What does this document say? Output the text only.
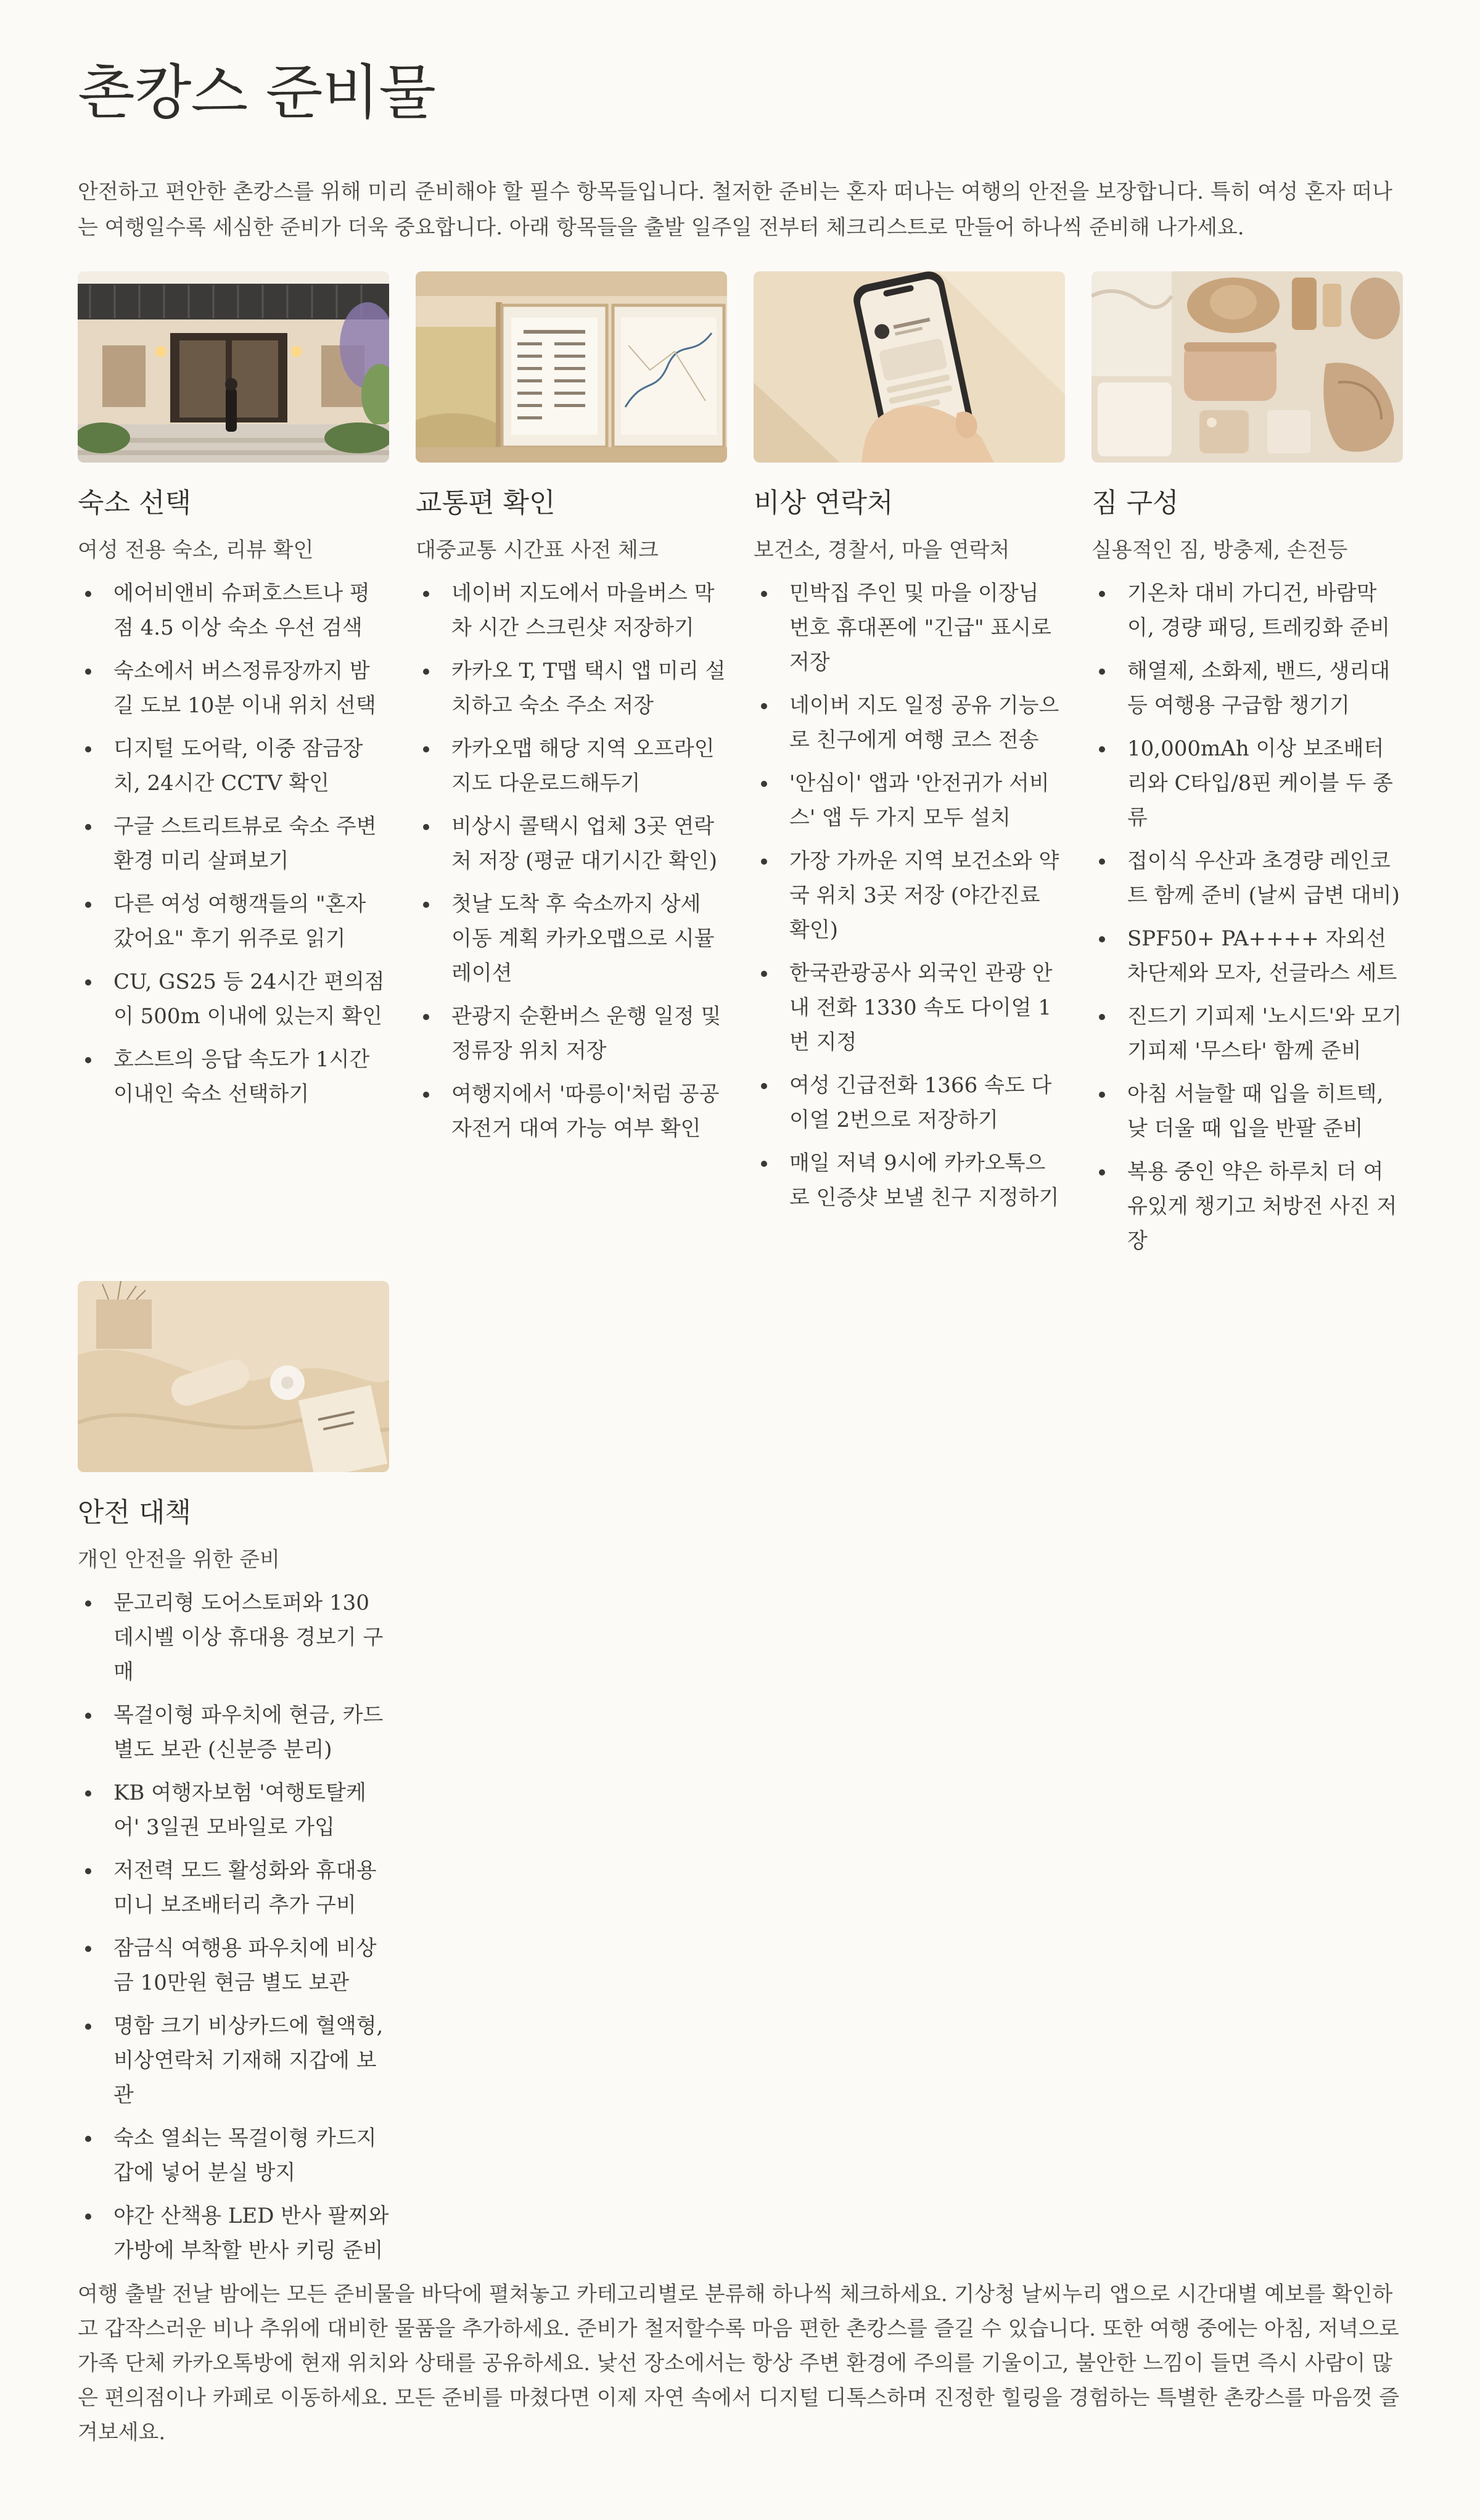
촌캉스 준비물

안전하고 편안한 촌캉스를 위해 미리 준비해야 할 필수 항목들입니다. 철저한 준비는 혼자 떠나는 여행의 안전을 보장합니다. 특히 여성 혼자 떠나는 여행일수록 세심한 준비가 더욱 중요합니다. 아래 항목들을 출발 일주일 전부터 체크리스트로 만들어 하나씩 준비해 나가세요.

숙소 선택

여성 전용 숙소, 리뷰 확인

에어비앤비 슈퍼호스트나 평점 4.5 이상 숙소 우선 검색
숙소에서 버스정류장까지 밤길 도보 10분 이내 위치 선택
디지털 도어락, 이중 잠금장치, 24시간 CCTV 확인
구글 스트리트뷰로 숙소 주변 환경 미리 살펴보기
다른 여성 여행객들의 "혼자 갔어요" 후기 위주로 읽기
CU, GS25 등 24시간 편의점이 500m 이내에 있는지 확인
호스트의 응답 속도가 1시간 이내인 숙소 선택하기
교통편 확인

대중교통 시간표 사전 체크

네이버 지도에서 마을버스 막차 시간 스크린샷 저장하기
카카오 T, T맵 택시 앱 미리 설치하고 숙소 주소 저장
카카오맵 해당 지역 오프라인 지도 다운로드해두기
비상시 콜택시 업체 3곳 연락처 저장 (평균 대기시간 확인)
첫날 도착 후 숙소까지 상세 이동 계획 카카오맵으로 시뮬레이션
관광지 순환버스 운행 일정 및 정류장 위치 저장
여행지에서 '따릉이'처럼 공공자전거 대여 가능 여부 확인
비상 연락처

보건소, 경찰서, 마을 연락처

민박집 주인 및 마을 이장님 번호 휴대폰에 "긴급" 표시로 저장
네이버 지도 일정 공유 기능으로 친구에게 여행 코스 전송
'안심이' 앱과 '안전귀가 서비스' 앱 두 가지 모두 설치
가장 가까운 지역 보건소와 약국 위치 3곳 저장 (야간진료 확인)
한국관광공사 외국인 관광 안내 전화 1330 속도 다이얼 1번 지정
여성 긴급전화 1366 속도 다이얼 2번으로 저장하기
매일 저녁 9시에 카카오톡으로 인증샷 보낼 친구 지정하기
짐 구성

실용적인 짐, 방충제, 손전등

기온차 대비 가디건, 바람막이, 경량 패딩, 트레킹화 준비
해열제, 소화제, 밴드, 생리대 등 여행용 구급함 챙기기
10,000mAh 이상 보조배터리와 C타입/8핀 케이블 두 종류
접이식 우산과 초경량 레인코트 함께 준비 (날씨 급변 대비)
SPF50+ PA++++ 자외선 차단제와 모자, 선글라스 세트
진드기 기피제 '노시드'와 모기 기피제 '무스타' 함께 준비
아침 서늘할 때 입을 히트텍, 낮 더울 때 입을 반팔 준비
복용 중인 약은 하루치 더 여유있게 챙기고 처방전 사진 저장
안전 대책

개인 안전을 위한 준비

문고리형 도어스토퍼와 130데시벨 이상 휴대용 경보기 구매
목걸이형 파우치에 현금, 카드 별도 보관 (신분증 분리)
KB 여행자보험 '여행토탈케어' 3일권 모바일로 가입
저전력 모드 활성화와 휴대용 미니 보조배터리 추가 구비
잠금식 여행용 파우치에 비상금 10만원 현금 별도 보관
명함 크기 비상카드에 혈액형, 비상연락처 기재해 지갑에 보관
숙소 열쇠는 목걸이형 카드지갑에 넣어 분실 방지
야간 산책용 LED 반사 팔찌와 가방에 부착할 반사 키링 준비

여행 출발 전날 밤에는 모든 준비물을 바닥에 펼쳐놓고 카테고리별로 분류해 하나씩 체크하세요. 기상청 날씨누리 앱으로 시간대별 예보를 확인하고 갑작스러운 비나 추위에 대비한 물품을 추가하세요. 준비가 철저할수록 마음 편한 촌캉스를 즐길 수 있습니다. 또한 여행 중에는 아침, 저녁으로 가족 단체 카카오톡방에 현재 위치와 상태를 공유하세요. 낯선 장소에서는 항상 주변 환경에 주의를 기울이고, 불안한 느낌이 들면 즉시 사람이 많은 편의점이나 카페로 이동하세요. 모든 준비를 마쳤다면 이제 자연 속에서 디지털 디톡스하며 진정한 힐링을 경험하는 특별한 촌캉스를 마음껏 즐겨보세요.
